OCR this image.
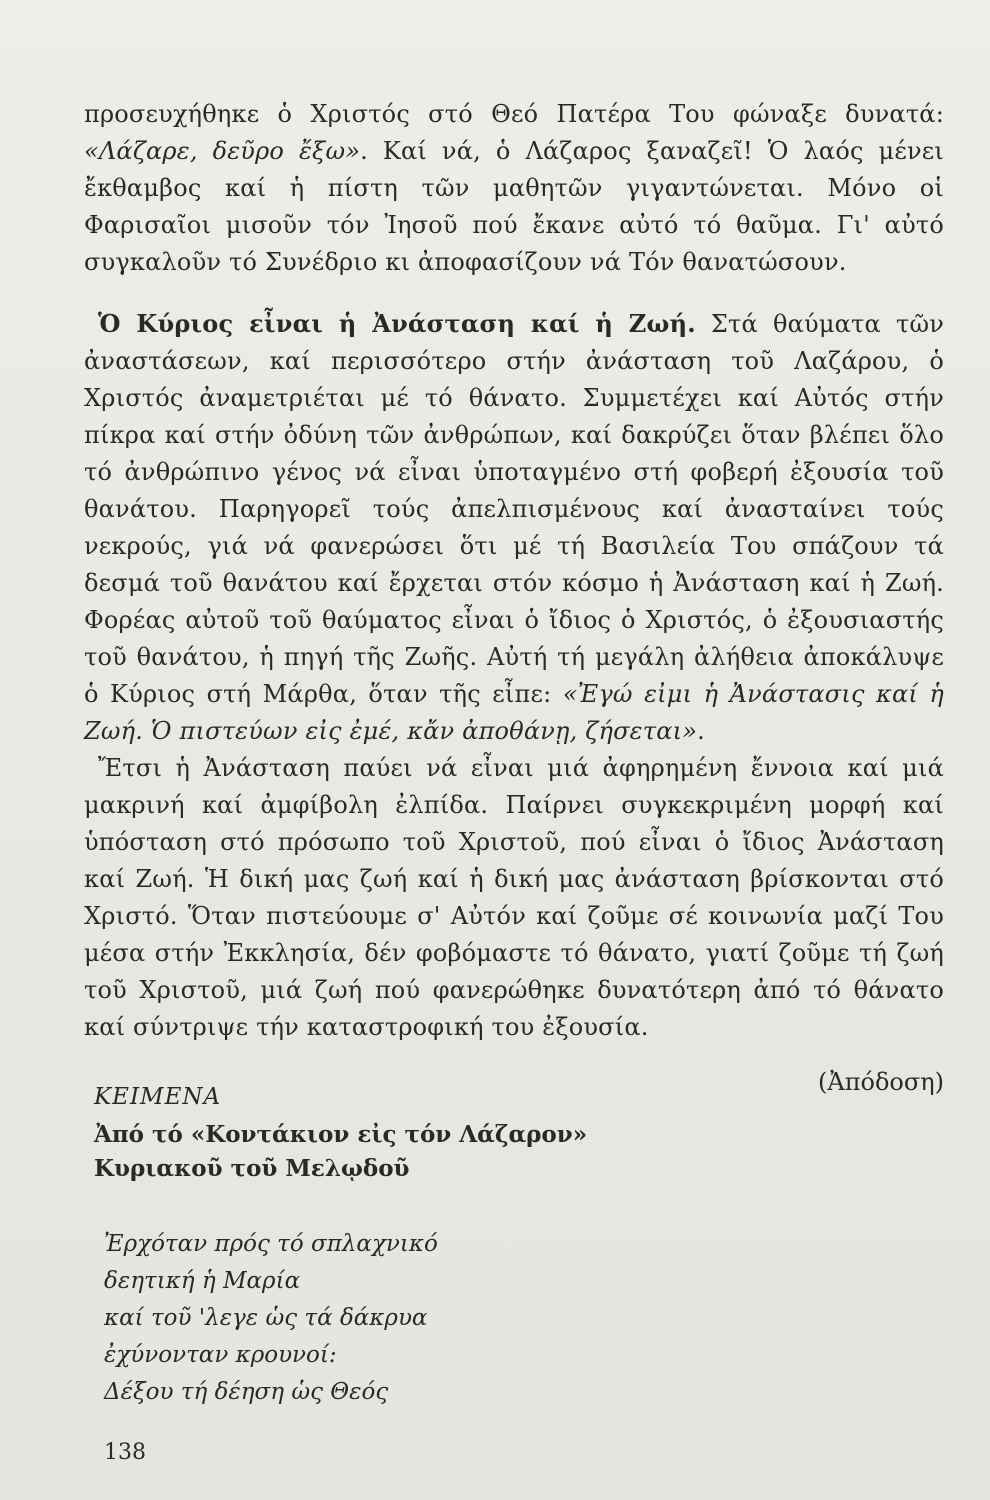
προσευχήθηκε ὁ Χριστός στό Θεό Πατέρα Του φώναξε δυνατά: «Λάζαρε, δεῦρο ἔξω». Καί νά, ὁ Λάζαρος ξαναζεῖ! Ὁ λαός μένει ἔκθαμβος καί ἡ πίστη τῶν μαθητῶν γιγαντώνεται. Μόνο οἱ Φαρισαῖοι μισοῦν τόν Ἰησοῦ πού ἔκανε αὐτό τό θαῦμα. Γι' αὐτό συγκαλοῦν τό Συνέδριο κι ἀποφασίζουν νά Τόν θανατώσουν.

Ὁ Κύριος εἶναι ἡ Ἀνάσταση καί ἡ Ζωή. Στά θαύματα τῶν ἀναστάσεων, καί περισσότερο στήν ἀνάσταση τοῦ Λαζάρου, ὁ Χριστός ἀναμετριέται μέ τό θάνατο. Συμμετέχει καί Αὐτός στήν πίκρα καί στήν ὀδύνη τῶν ἀνθρώπων, καί δακρύζει ὅταν βλέπει ὅλο τό ἀνθρώπινο γένος νά εἶναι ὑποταγμένο στή φοβερή ἐξουσία τοῦ θανάτου. Παρηγορεῖ τούς ἀπελπισμένους καί ἀνασταίνει τούς νεκρούς, γιά νά φανερώσει ὅτι μέ τή Βασιλεία Του σπάζουν τά δεσμά τοῦ θανάτου καί ἔρχεται στόν κόσμο ἡ Ἀνάσταση καί ἡ Ζωή. Φορέας αὐτοῦ τοῦ θαύματος εἶναι ὁ ἴδιος ὁ Χριστός, ὁ ἐξουσιαστής τοῦ θανάτου, ἡ πηγή τῆς Ζωῆς. Αὐτή τή μεγάλη ἀλήθεια ἀποκάλυψε ὁ Κύριος στή Μάρθα, ὅταν τῆς εἶπε: «Ἐγώ εἰμι ἡ Ἀνάστασις καί ἡ Ζωή. Ὁ πιστεύων εἰς ἐμέ, κἄν ἀποθάνῃ, ζήσεται».

Ἔτσι ἡ Ἀνάσταση παύει νά εἶναι μιά ἀφηρημένη ἔννοια καί μιά μακρινή καί ἀμφίβολη ἐλπίδα. Παίρνει συγκεκριμένη μορφή καί ὑπόσταση στό πρόσωπο τοῦ Χριστοῦ, πού εἶναι ὁ ἴδιος Ἀνάσταση καί Ζωή. Ἡ δική μας ζωή καί ἡ δική μας ἀνάσταση βρίσκονται στό Χριστό. Ὅταν πιστεύουμε σ' Αὐτόν καί ζοῦμε σέ κοινωνία μαζί Του μέσα στήν Ἐκκλησία, δέν φοβόμαστε τό θάνατο, γιατί ζοῦμε τή ζωή τοῦ Χριστοῦ, μιά ζωή πού φανερώθηκε δυνατότερη ἀπό τό θάνατο καί σύντριψε τήν καταστροφική του ἐξουσία.

(Ἀπόδοση)
ΚΕΙΜΕΝΑ
Ἀπό τό «Κοντάκιον εἰς τόν Λάζαρον»
Κυριακοῦ τοῦ Μελῳδοῦ
Ἐρχόταν πρός τό σπλαχνικό
δεητική ἡ Μαρία
καί τοῦ 'λεγε ὡς τά δάκρυα
ἐχύνονταν κρουνοί:
Δέξου τή δέηση ὡς Θεός
138
